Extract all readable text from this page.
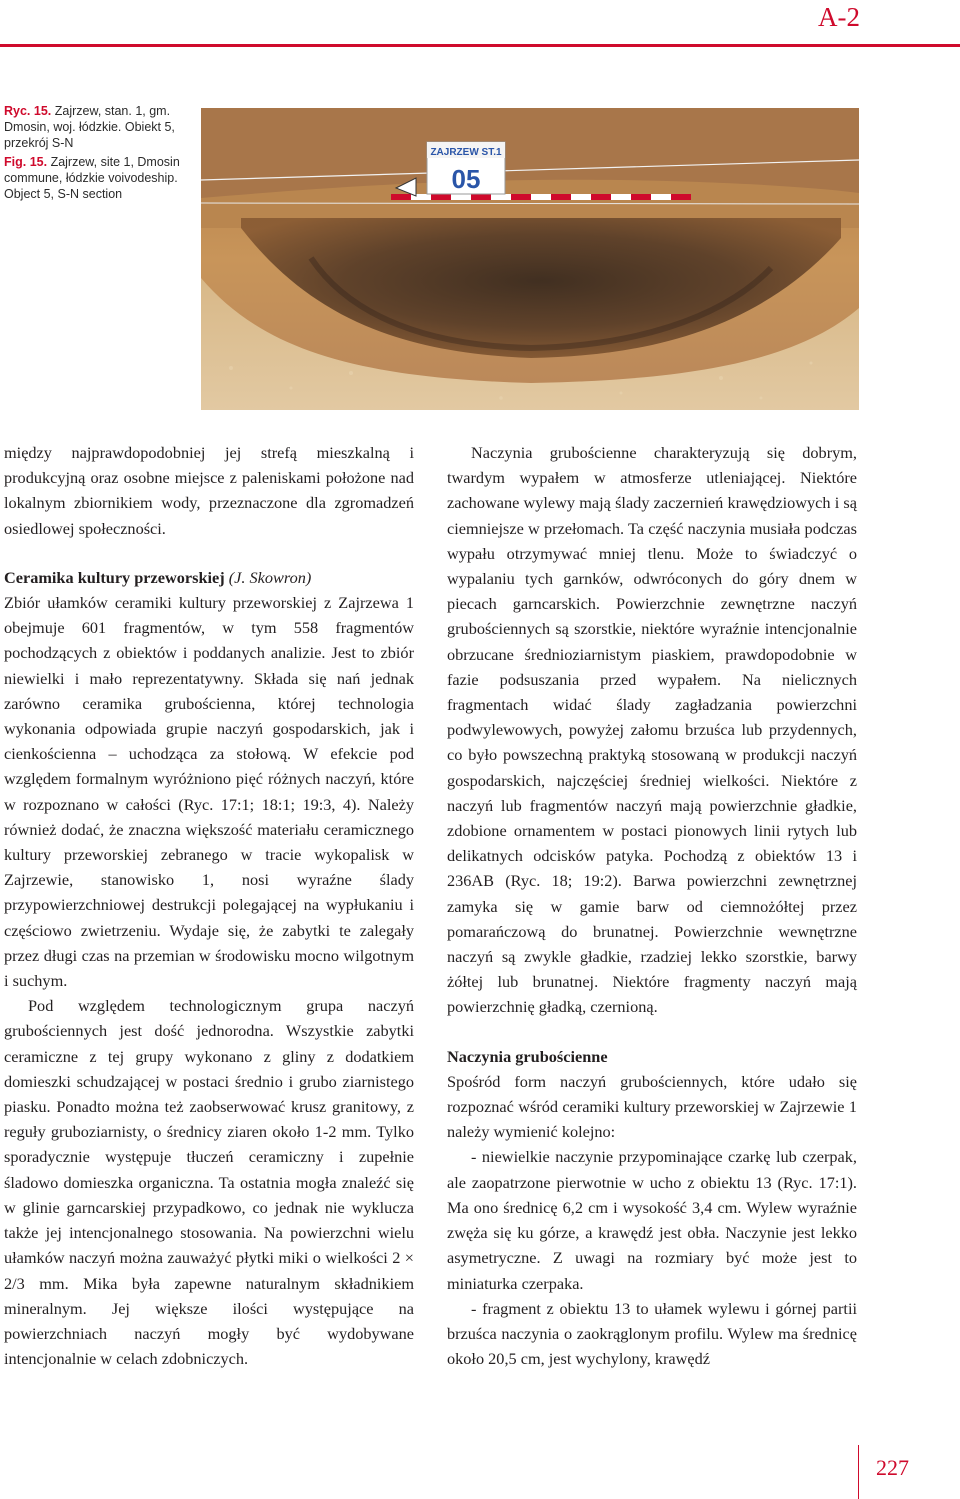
A-2

Ryc. 15. Zajrzew, stan. 1, gm. Dmosin, woj. łódzkie. Obiekt 5, przekrój S-N

Fig. 15. Zajrzew, site 1, Dmosin commune, łódzkie voivodeship. Object 5, S-N section

ZAJRZEW ST.1
05

między najprawdopodobniej jej strefą mieszkalną i produkcyjną oraz osobne miejsce z paleniskami położone nad lokalnym zbiornikiem wody, przeznaczone dla zgromadzeń osiedlowej społeczności.

Ceramika kultury przeworskiej (J. Skowron)

Zbiór ułamków ceramiki kultury przeworskiej z Zajrzewa 1 obejmuje 601 fragmentów, w tym 558 fragmentów pochodzących z obiektów i poddanych analizie. Jest to zbiór niewielki i mało reprezentatywny. Składa się nań jednak zarówno ceramika grubościenna, której technologia wykonania odpowiada grupie naczyń gospodarskich, jak i cienkościenna – uchodząca za stołową. W efekcie pod względem formalnym wyróżniono pięć różnych naczyń, które w rozpoznano w całości (Ryc. 17:1; 18:1; 19:3, 4). Należy również dodać, że znaczna większość materiału ceramicznego kultury przeworskiej zebranego w tracie wykopalisk w Zajrzewie, stanowisko 1, nosi wyraźne ślady przypowierzchniowej destrukcji polegającej na wypłukaniu i częściowo zwietrzeniu. Wydaje się, że zabytki te zalegały przez długi czas na przemian w środowisku mocno wilgotnym i suchym.

Pod względem technologicznym grupa naczyń grubościennych jest dość jednorodna. Wszystkie zabytki ceramiczne z tej grupy wykonano z gliny z dodatkiem domieszki schudzającej w postaci średnio i grubo ziarnistego piasku. Ponadto można też zaobserwować krusz granitowy, z reguły gruboziarnisty, o średnicy ziaren około 1-2 mm. Tylko sporadycznie występuje tłuczeń ceramiczny i zupełnie śladowo domieszka organiczna. Ta ostatnia mogła znaleźć się w glinie garncarskiej przypadkowo, co jednak nie wyklucza także jej intencjonalnego stosowania. Na powierzchni wielu ułamków naczyń można zauważyć płytki miki o wielkości 2 × 2/3 mm. Mika była zapewne naturalnym składnikiem mineralnym. Jej większe ilości występujące na powierzchniach naczyń mogły być wydobywane intencjonalnie w celach zdobniczych.

Naczynia grubościenne charakteryzują się dobrym, twardym wypałem w atmosferze utleniającej. Niektóre zachowane wylewy mają ślady zaczernień krawędziowych i są ciemniejsze w przełomach. Ta część naczynia musiała podczas wypału otrzymywać mniej tlenu. Może to świadczyć o wypalaniu tych garnków, odwróconych do góry dnem w piecach garncarskich. Powierzchnie zewnętrzne naczyń grubościennych są szorstkie, niektóre wyraźnie intencjonalnie obrzucane średnioziarnistym piaskiem, prawdopodobnie w fazie podsuszania przed wypałem. Na nielicznych fragmentach widać ślady zagładzania powierzchni podwylewowych, powyżej załomu brzuśca lub przydennych, co było powszechną praktyką stosowaną w produkcji naczyń gospodarskich, najczęściej średniej wielkości. Niektóre z naczyń lub fragmentów naczyń mają powierzchnie gładkie, zdobione ornamentem w postaci pionowych linii rytych lub delikatnych odcisków patyka. Pochodzą z obiektów 13 i 236AB (Ryc. 18; 19:2). Barwa powierzchni zewnętrznej zamyka się w gamie barw od ciemnożółtej przez pomarańczową do brunatnej. Powierzchnie wewnętrzne naczyń są zwykle gładkie, rzadziej lekko szorstkie, barwy żółtej lub brunatnej. Niektóre fragmenty naczyń mają powierzchnię gładką, czernioną.

Naczynia grubościenne

Spośród form naczyń grubościennych, które udało się rozpoznać wśród ceramiki kultury przeworskiej w Zajrzewie 1 należy wymienić kolejno:

- niewielkie naczynie przypominające czarkę lub czerpak, ale zaopatrzone pierwotnie w ucho z obiektu 13 (Ryc. 17:1). Ma ono średnicę 6,2 cm i wysokość 3,4 cm. Wylew wyraźnie zwęża się ku górze, a krawędź jest obła. Naczynie jest lekko asymetryczne. Z uwagi na rozmiary być może jest to miniaturka czerpaka.

- fragment z obiektu 13 to ułamek wylewu i górnej partii brzuśca naczynia o zaokrąglonym profilu. Wylew ma średnicę około 20,5 cm, jest wychylony, krawędź

227
